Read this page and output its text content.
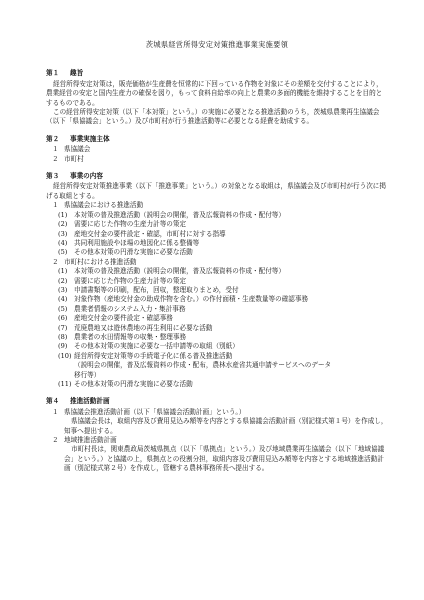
茨城県経営所得安定対策推進事業実施要領
第１ 趣旨

経営所得安定対策は，販売価格が生産費を恒常的に下回っている作物を対象にその差額を交付することにより，農業経営の安定と国内生産力の確保を図り，もって食料自給率の向上と農業の多面的機能を維持することを目的とするものである。

この経営所得安定対策（以下「本対策」という。）の実施に必要となる推進活動のうち，茨城県農業再生協議会（以下「県協議会」という。）及び市町村が行う推進活動等に必要となる経費を助成する。

第２ 事業実施主体
１ 県協議会
２ 市町村
第３ 事業の内容

経営所得安定対策推進事業（以下「推進事業」という。）の対象となる取組は，県協議会及び市町村が行う次に掲げる取組とする。

１ 県協議会における推進活動
(1) 本対策の普及推進活動（説明会の開催，普及広報資料の作成・配付等）
(2) 需要に応じた作物の生産力計等の策定
(3) 産地交付金の要件設定・確認，市町村に対する指導
(4) 共同利用施設やほ場の地図化に係る整備等
(5) その他本対策の円滑な実施に必要な活動
２ 市町村における推進活動
(1) 本対策の普及推進活動（説明会の開催，普及広報資料の作成・配付等）
(2) 需要に応じた作物の生産力計等の策定
(3) 申請書類等の印刷，配布，回収，整理取りまとめ，受付
(4) 対象作物（産地交付金の助成作物を含む。）の作付面積・生産数量等の確認事務
(5) 農業者情報のシステム入力・集計事務
(6) 産地交付金の要件設定・確認事務
(7) 荒廃農地又は遊休農地の再生利用に必要な活動
(8) 農業者の水田情報等の収集・整理事務
(9) その他本対策の実施に必要な一括申請等の取組（別紙）
(10) 経営所得安定対策等の手続電子化に係る普及推進活動
（説明会の開催，普及広報資料の作成・配布，農林水産省共通申請サービスへのデータ
移行等）
(11) その他本対策の円滑な実施に必要な活動
第４ 推進活動計画
１ 県協議会推進活動計画（以下「県協議会活動計画」という。）
県協議会長は，取組内容及び費用見込み額等を内容とする県協議会活動計画（別記様式第１号）を作成し，知事へ提出する。
２ 地域推進活動計画
市町村長は，関東農政局茨城県拠点（以下「県拠点」という。）及び地域農業再生協議会（以下「地域協議会」という。）と協議の上，県拠点との役割分担，取組内容及び費用見込み額等を内容とする地域推進活動計画（別記様式第２号）を作成し，管轄する農林事務所長へ提出する。
